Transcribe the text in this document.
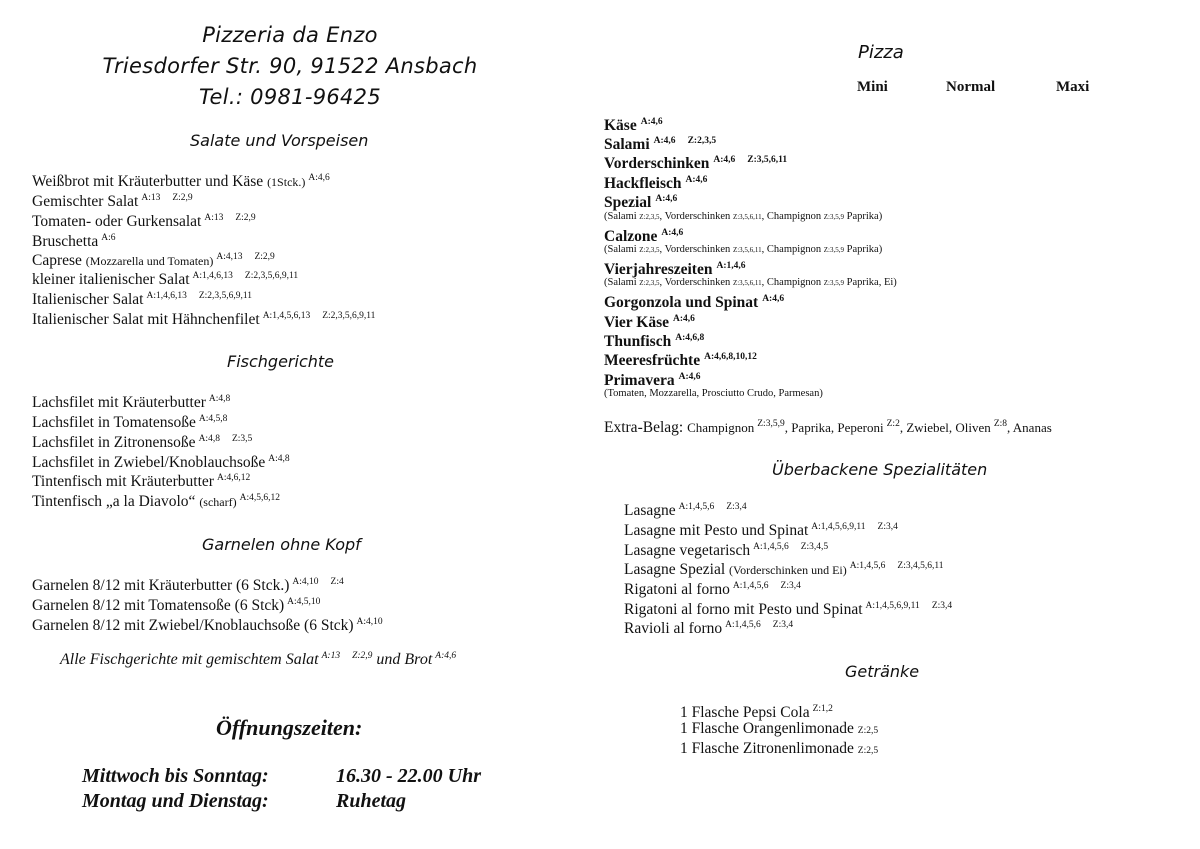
Pizzeria da Enzo
Triesdorfer Str. 90, 91522 Ansbach
Tel.: 0981-96425
Salate und Vorspeisen
Weißbrot mit Kräuterbutter und Käse (1Stck.) $^{A:4,6}$
Gemischter Salat $^{A:13}$ $^{Z:2,9}$
Tomaten- oder Gurkensalat $^{A:13}$ $^{Z:2,9}$
Bruschetta $^{A:6}$
Caprese (Mozzarella und Tomaten) $^{A:4,13}$ $^{Z:2,9}$
kleiner italienischer Salat $^{A:1,4,6,13}$ $^{Z:2,3,5,6,9,11}$
Italienischer Salat $^{A:1,4,6,13}$ $^{Z:2,3,5,6,9,11}$
Italienischer Salat mit Hähnchenfilet $^{A:1,4,5,6,13}$ $^{Z:2,3,5,6,9,11}$
Fischgerichte
Lachsfilet mit Kräuterbutter $^{A:4,8}$
Lachsfilet in Tomatensoße $^{A:4,5,8}$
Lachsfilet in Zitronensoße $^{A:4,8}$ $^{Z:3,5}$
Lachsfilet in Zwiebel/Knoblauchsoße $^{A:4,8}$
Tintenfisch mit Kräuterbutter $^{A:4,6,12}$
Tintenfisch „a la Diavolo“ (scharf) $^{A:4,5,6,12}$
Garnelen ohne Kopf
Garnelen 8/12 mit Kräuterbutter (6 Stck.) $^{A:4,10}$ $^{Z:4}$
Garnelen 8/12 mit Tomatensoße (6 Stck) $^{A:4,5,10}$
Garnelen 8/12 mit Zwiebel/Knoblauchsoße (6 Stck) $^{A:4,10}$
Alle Fischgerichte mit gemischtem Salat $^{A:13}$ $^{Z:2,9}$ und Brot $^{A:4,6}$
Öffnungszeiten:
Mittwoch bis Sonntag:	16.30 - 22.00 Uhr
Montag und Dienstag:	Ruhetag
Pizza
Mini	Normal	Maxi
Käse $^{A:4,6}$
Salami $^{A:4,6}$ $^{Z:2,3,5}$
Vorderschinken $^{A:4,6}$ $^{Z:3,5,6,11}$
Hackfleisch $^{A:4,6}$
Spezial $^{A:4,6}$
(Salami Z:2,3,5, Vorderschinken Z:3,5,6,11, Champignon Z:3,5,9 Paprika)
Calzone $^{A:4,6}$
(Salami Z:2,3,5, Vorderschinken Z:3,5,6,11, Champignon Z:3,5,9 Paprika)
Vierjahreszeiten $^{A:1,4,6}$
(Salami Z:2,3,5, Vorderschinken Z:3,5,6,11, Champignon Z:3,5,9 Paprika, Ei)
Gorgonzola und Spinat $^{A:4,6}$
Vier Käse $^{A:4,6}$
Thunfisch $^{A:4,6,8}$
Meeresfrüchte $^{A:4,6,8,10,12}$
Primavera $^{A:4,6}$
(Tomaten, Mozzarella, Prosciutto Crudo, Parmesan)
Extra-Belag: Champignon $^{Z:3,5,9}$, Paprika, Peperoni $^{Z:2}$, Zwiebel, Oliven $^{Z:8}$, Ananas
Überbackene Spezialitäten
Lasagne $^{A:1,4,5,6}$ $^{Z:3,4}$
Lasagne mit Pesto und Spinat $^{A:1,4,5,6,9,11}$ $^{Z:3,4}$
Lasagne vegetarisch $^{A:1,4,5,6}$ $^{Z:3,4,5}$
Lasagne Spezial (Vorderschinken und Ei) $^{A:1,4,5,6}$ $^{Z:3,4,5,6,11}$
Rigatoni al forno $^{A:1,4,5,6}$ $^{Z:3,4}$
Rigatoni al forno mit Pesto und Spinat $^{A:1,4,5,6,9,11}$ $^{Z:3,4}$
Ravioli al forno $^{A:1,4,5,6}$ $^{Z:3,4}$
Getränke
1 Flasche Pepsi Cola $^{Z:1,2}$
1 Flasche Orangenlimonade Z:2,5
1 Flasche Zitronenlimonade Z:2,5
